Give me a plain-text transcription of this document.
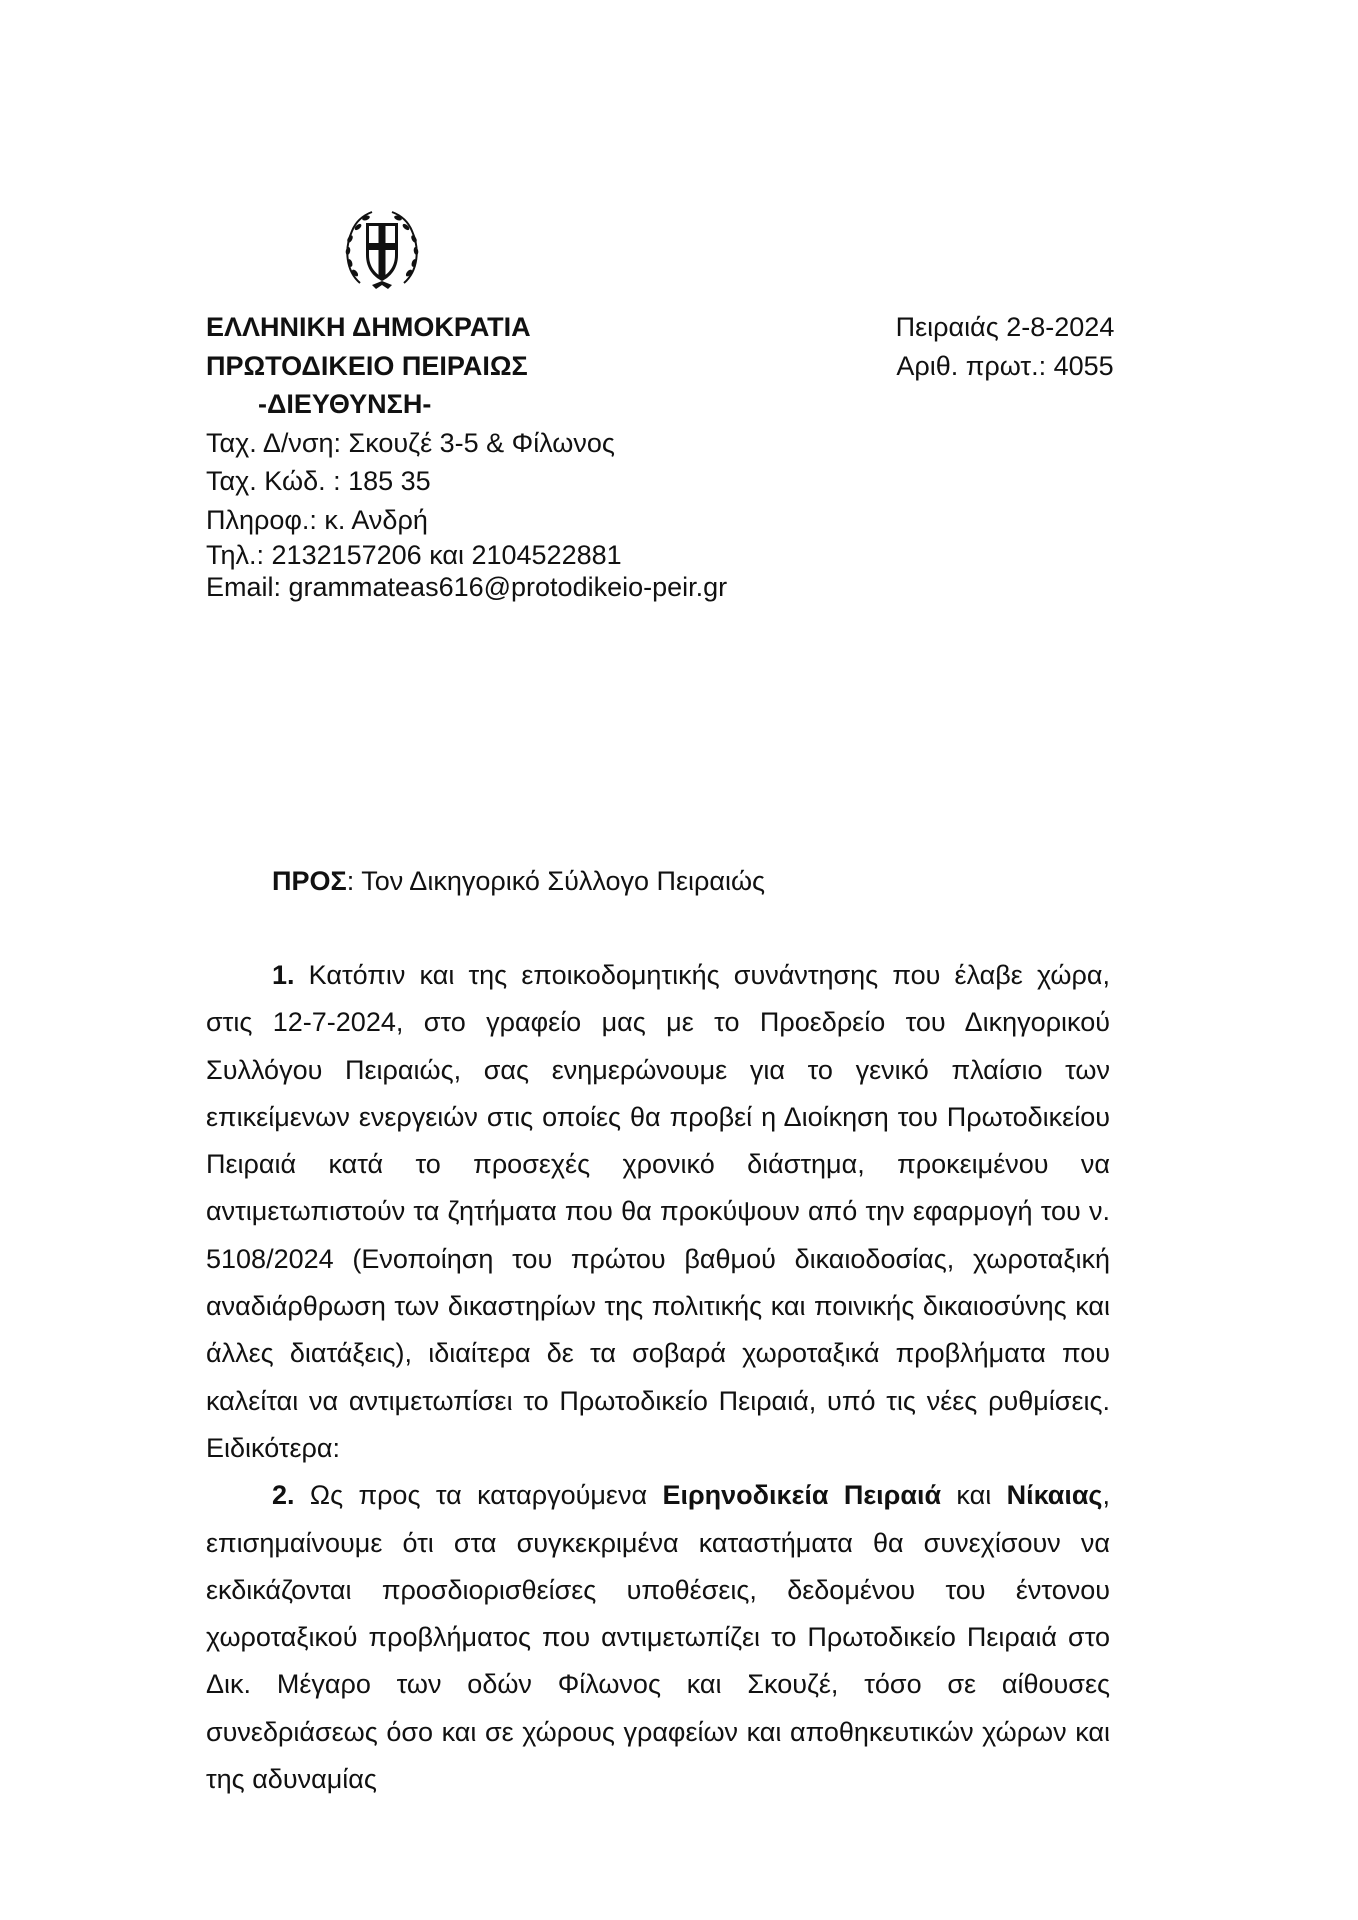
ΕΛΛΗΝΙΚΗ ΔΗΜΟΚΡΑΤΙΑ
ΠΡΩΤΟΔΙΚΕΙΟ ΠΕΙΡΑΙΩΣ
-ΔΙΕΥΘΥΝΣΗ-
Ταχ. Δ/νση: Σκουζέ 3-5 & Φίλωνος
Ταχ. Κώδ. : 185 35
Πληροφ.: κ. Ανδρή
Τηλ.: 2132157206 και 2104522881
Email: grammateas616@protodikeio-peir.gr
Πειραιάς 2-8-2024
Αριθ. πρωτ.: 4055
ΠΡΟΣ: Τον Δικηγορικό Σύλλογο Πειραιώς

1. Κατόπιν και της εποικοδομητικής συνάντησης που έλαβε χώρα, στις 12-7-2024, στο γραφείο μας με το Προεδρείο του Δικηγορικού Συλλόγου Πειραιώς, σας ενημερώνουμε για το γενικό πλαίσιο των επικείμενων ενεργειών στις οποίες θα προβεί η Διοίκηση του Πρωτοδικείου Πειραιά κατά το προσεχές χρονικό διάστημα, προκειμένου να αντιμετωπιστούν τα ζητήματα που θα προκύψουν από την εφαρμογή του ν. 5108/2024 (Ενοποίηση του πρώτου βαθμού δικαιοδοσίας, χωροταξική αναδιάρθρωση των δικαστηρίων της πολιτικής και ποινικής δικαιοσύνης και άλλες διατάξεις), ιδιαίτερα δε τα σοβαρά χωροταξικά προβλήματα που καλείται να αντιμετωπίσει το Πρωτοδικείο Πειραιά, υπό τις νέες ρυθμίσεις. Ειδικότερα:

2. Ως προς τα καταργούμενα Ειρηνοδικεία Πειραιά και Νίκαιας, επισημαίνουμε ότι στα συγκεκριμένα καταστήματα θα συνεχίσουν να εκδικάζονται προσδιορισθείσες υποθέσεις, δεδομένου του έντονου χωροταξικού προβλήματος που αντιμετωπίζει το Πρωτοδικείο Πειραιά στο Δικ. Μέγαρο των οδών Φίλωνος και Σκουζέ, τόσο σε αίθουσες συνεδριάσεως όσο και σε χώρους γραφείων και αποθηκευτικών χώρων και της αδυναμίας
